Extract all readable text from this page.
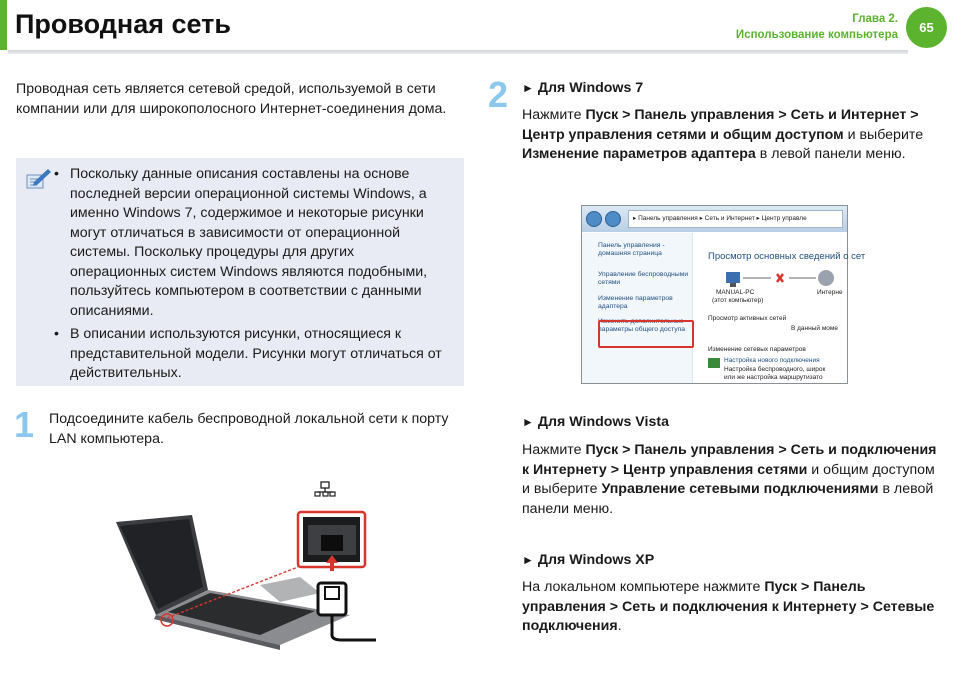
Проводная сеть	Глава 2.
Использование компьютера	65

Проводная сеть является сетевой средой, используемой в сети компании или для широкополосного Интернет-соединения дома.

• Поскольку данные описания составлены на основе последней версии операционной системы Windows, а именно Windows 7, содержимое и некоторые рисунки могут отличаться в зависимости от операционной системы. Поскольку процедуры для других операционных систем Windows являются подобными, пользуйтесь компьютером в соответствии с данными описаниями.
• В описании используются рисунки, относящиеся к представительной модели. Рисунки могут отличаться от действительных.
1 Подсоедините кабель беспроводной локальной сети к порту LAN компьютера.

2 ► Для Windows 7

Нажмите Пуск > Панель управления > Сеть и Интернет > Центр управления сетями и общим доступом и выберите Изменение параметров адаптера в левой панели меню.

▸ Панель управления ▸ Сеть и Интернет ▸ Центр управле
Панель управления - домашняя страница
Управление беспроводными сетями
Изменение параметров адаптера
Изменить дополнительные параметры общего доступа
Просмотр основных сведений о сет
MANUAL-PC
(этот компьютер)
Интерне
Просмотр активных сетей
В данный моме
Изменение сетевых параметров
Настройка нового подключения
Настройка беспроводного, широк
или же настройка маршрутизато
► Для Windows Vista

Нажмите Пуск > Панель управления > Сеть и подключения к Интернету > Центр управления сетями и общим доступом и выберите Управление сетевыми подключениями в левой панели меню.

► Для Windows XP

На локальном компьютере нажмите Пуск > Панель управления > Сеть и подключения к Интернету > Сетевые подключения.
